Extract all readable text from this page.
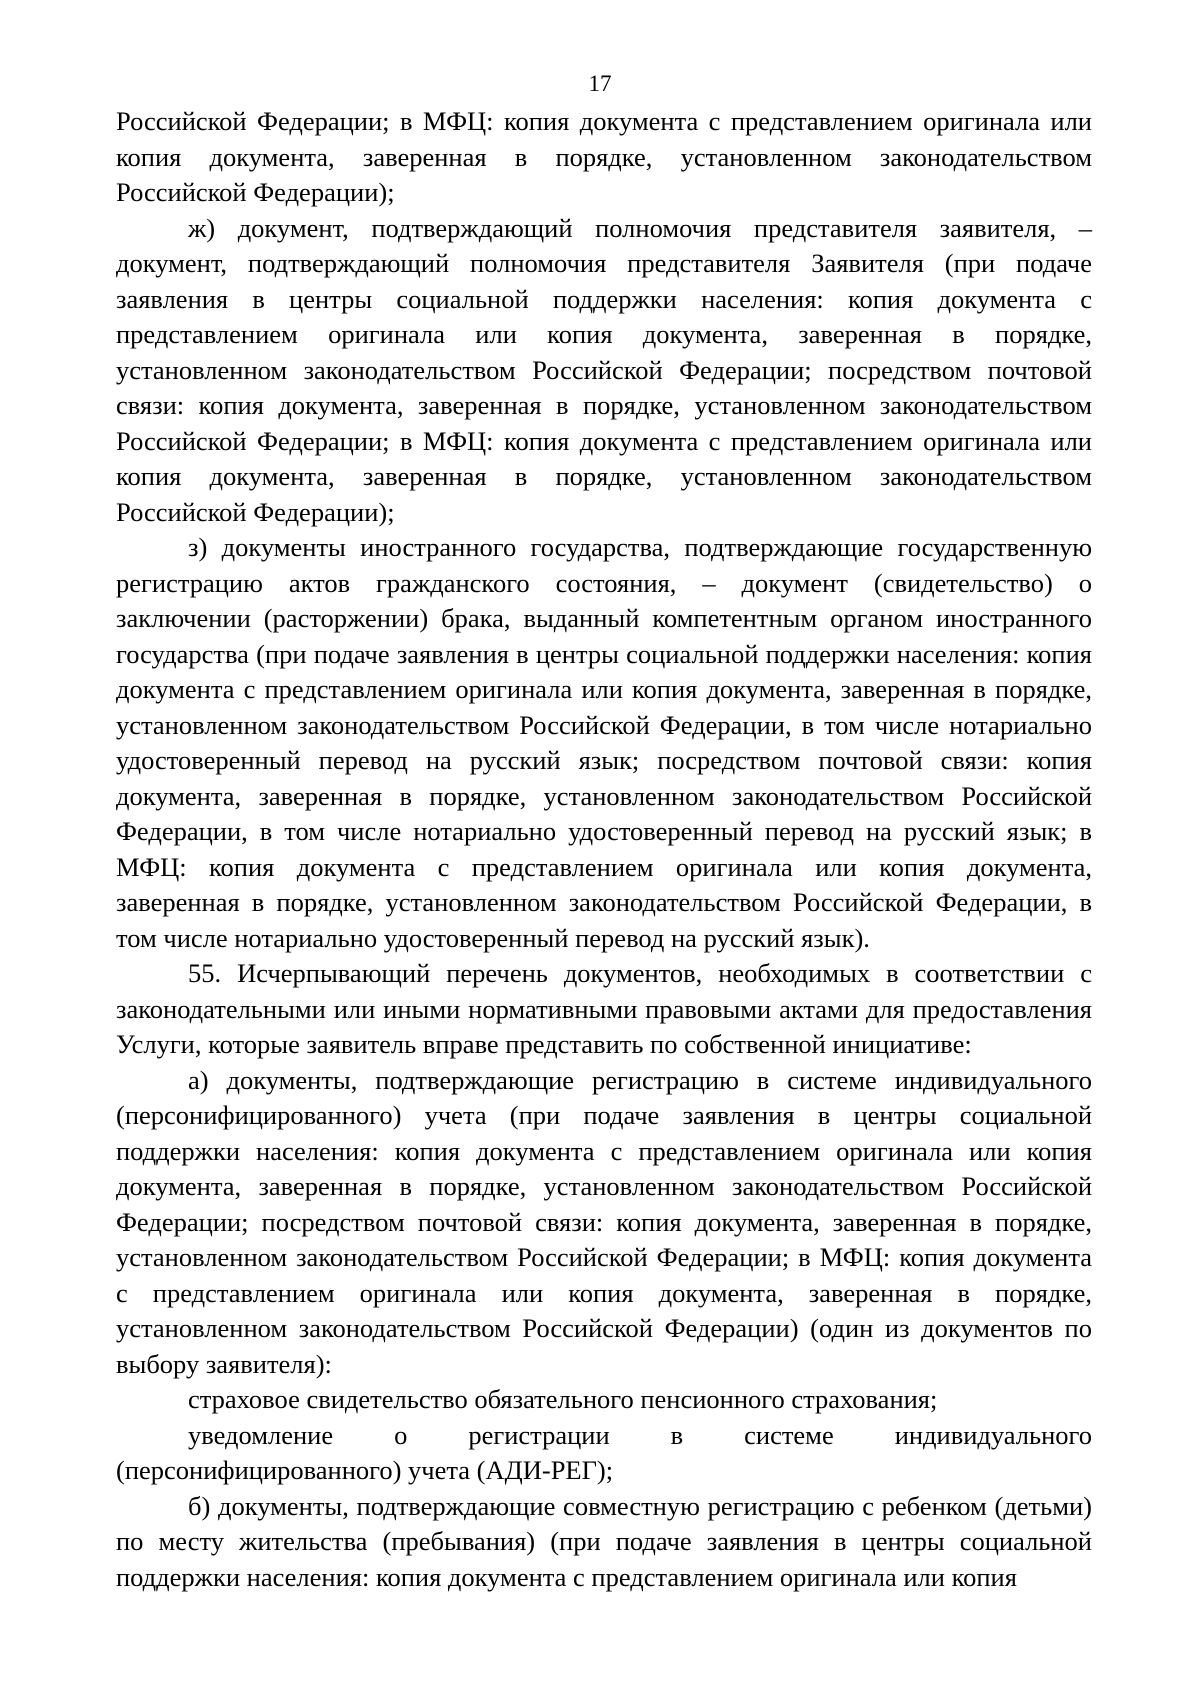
17

Российской Федерации; в МФЦ: копия документа с представлением оригинала или копия документа, заверенная в порядке, установленном законодательством Российской Федерации);

ж) документ, подтверждающий полномочия представителя заявителя, – документ, подтверждающий полномочия представителя Заявителя (при подаче заявления в центры социальной поддержки населения: копия документа с представлением оригинала или копия документа, заверенная в порядке, установленном законодательством Российской Федерации; посредством почтовой связи: копия документа, заверенная в порядке, установленном законодательством Российской Федерации; в МФЦ: копия документа с представлением оригинала или копия документа, заверенная в порядке, установленном законодательством Российской Федерации);

з) документы иностранного государства, подтверждающие государственную регистрацию актов гражданского состояния, – документ (свидетельство) о заключении (расторжении) брака, выданный компетентным органом иностранного государства (при подаче заявления в центры социальной поддержки населения: копия документа с представлением оригинала или копия документа, заверенная в порядке, установленном законодательством Российской Федерации, в том числе нотариально удостоверенный перевод на русский язык; посредством почтовой связи: копия документа, заверенная в порядке, установленном законодательством Российской Федерации, в том числе нотариально удостоверенный перевод на русский язык; в МФЦ: копия документа с представлением оригинала или копия документа, заверенная в порядке, установленном законодательством Российской Федерации, в том числе нотариально удостоверенный перевод на русский язык).

55. Исчерпывающий перечень документов, необходимых в соответствии с законодательными или иными нормативными правовыми актами для предоставления Услуги, которые заявитель вправе представить по собственной инициативе:

а) документы, подтверждающие регистрацию в системе индивидуального (персонифицированного) учета (при подаче заявления в центры социальной поддержки населения: копия документа с представлением оригинала или копия документа, заверенная в порядке, установленном законодательством Российской Федерации; посредством почтовой связи: копия документа, заверенная в порядке, установленном законодательством Российской Федерации; в МФЦ: копия документа с представлением оригинала или копия документа, заверенная в порядке, установленном законодательством Российской Федерации) (один из документов по выбору заявителя):

страховое свидетельство обязательного пенсионного страхования;

уведомление о регистрации в системе индивидуального (персонифицированного) учета (АДИ-РЕГ);

б) документы, подтверждающие совместную регистрацию с ребенком (детьми) по месту жительства (пребывания) (при подаче заявления в центры социальной поддержки населения: копия документа с представлением оригинала или копия
